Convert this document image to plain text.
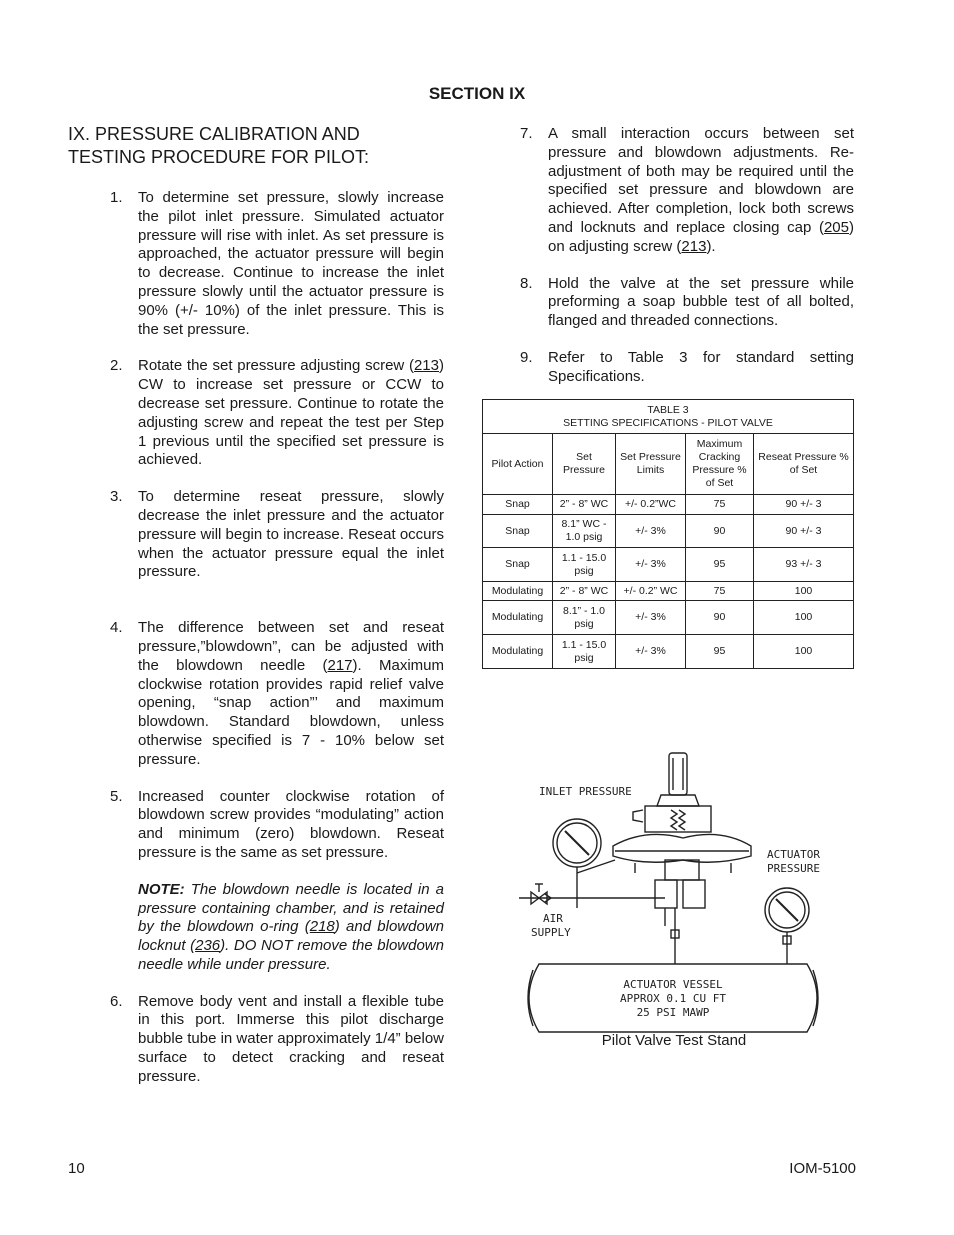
SECTION IX
IX. PRESSURE CALIBRATION AND
TESTING PROCEDURE FOR PILOT:
1.	To determine set pressure, slowly increase the pilot inlet pressure. Simulated actuator pressure will rise with inlet. As set pressure is approached, the actuator pressure will begin to decrease. Continue to increase the inlet pressure slowly until the actuator pressure is 90% (+/- 10%) of the inlet pressure. This is the set pressure.
2.	Rotate the set pressure adjusting screw (213) CW to increase set pressure or CCW to decrease set pressure. Continue to rotate the adjusting screw and repeat the test per Step 1 previous until the specified set pressure is achieved.
3.	To determine reseat pressure, slowly decrease the inlet pressure and the actuator pressure will begin to increase. Reseat occurs when the actuator pressure equal the inlet pressure.
4.	The difference between set and reseat pressure,”blowdown”, can be adjusted with the blowdown needle (217). Maximum clockwise rotation provides rapid relief valve opening, “snap action”’ and maximum blowdown. Standard blowdown, unless otherwise specified is 7 - 10% below set pressure.
5.	Increased counter clockwise rotation of blowdown screw provides “modulating” action and minimum (zero) blowdown. Reseat pressure is the same as set pressure.
NOTE: The blowdown needle is located in a pressure containing chamber, and is retained by the blowdown o-ring (218) and blowdown locknut (236). DO NOT remove the blowdown needle while under pressure.
6.	Remove body vent and install a flexible tube in this port. Immerse this pilot discharge bubble tube in water approximately 1/4” below surface to detect cracking and reseat pressure.
7.	A small interaction occurs between set pressure and blowdown adjustments. Re-adjustment of both may be required until the specified set pressure and blowdown are achieved. After completion, lock both screws and locknuts and replace closing cap (205) on adjusting screw (213).
8.	Hold the valve at the set pressure while preforming a soap bubble test of all bolted, flanged and threaded connections.
9.	Refer to Table 3 for standard setting Specifications.
TABLE 3
SETTING SPECIFICATIONS - PILOT VALVE				

Pilot Action	Set Pressure	Set Pressure Limits	Maximum Cracking Pressure % of Set	Reseat Pressure % of Set
Snap	2” - 8” WC	+/- 0.2”WC	75	90 +/- 3
Snap	8.1” WC - 1.0 psig	+/- 3%	90	90 +/- 3
Snap	1.1 - 15.0 psig	+/- 3%	95	93 +/- 3
Modulating	2” - 8” WC	+/- 0.2” WC	75	100
Modulating	8.1” - 1.0 psig	+/- 3%	90	100
Modulating	1.1 - 15.0 psig	+/- 3%	95	100
INLET PRESSURE
ACTUATOR
PRESSURE
AIR
SUPPLY
ACTUATOR VESSEL
APPROX 0.1 CU FT
25 PSI MAWP
Pilot Valve Test Stand
10	IOM-5100
